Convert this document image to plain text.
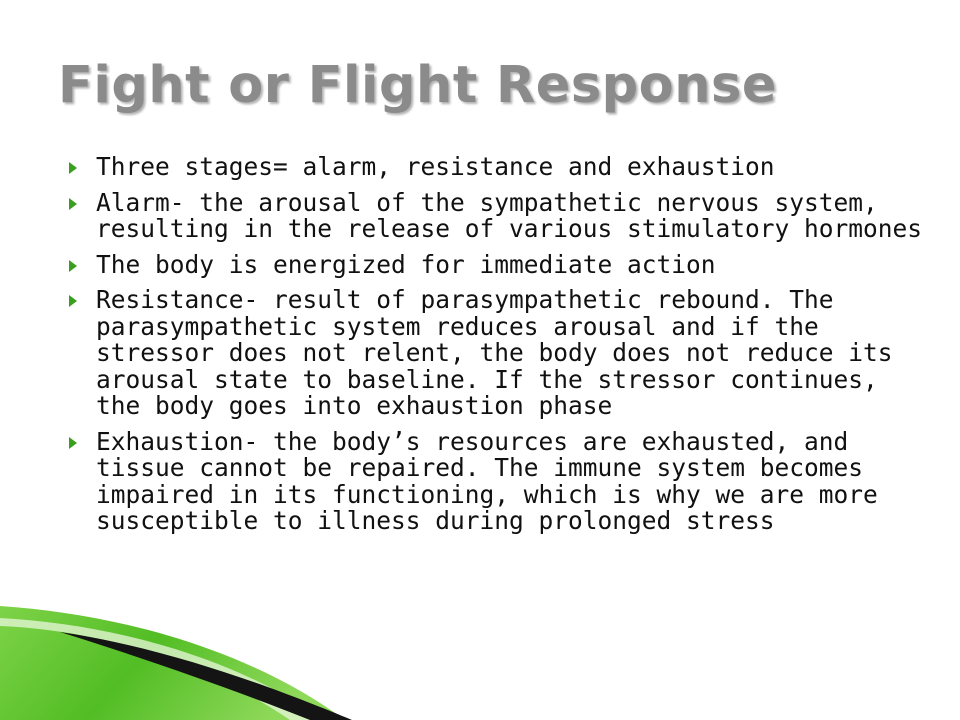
Fight or Flight Response
Three stages= alarm, resistance and exhaustion
Alarm- the arousal of the sympathetic nervous system, resulting in the release of various stimulatory hormones
The body is energized for immediate action
Resistance- result of parasympathetic rebound. The parasympathetic system reduces arousal and if the stressor does not relent, the body does not reduce its arousal state to baseline. If the stressor continues, the body goes into exhaustion phase
Exhaustion- the body’s resources are exhausted, and tissue cannot be repaired. The immune system becomes impaired in its functioning, which is why we are more susceptible to illness during prolonged stress
